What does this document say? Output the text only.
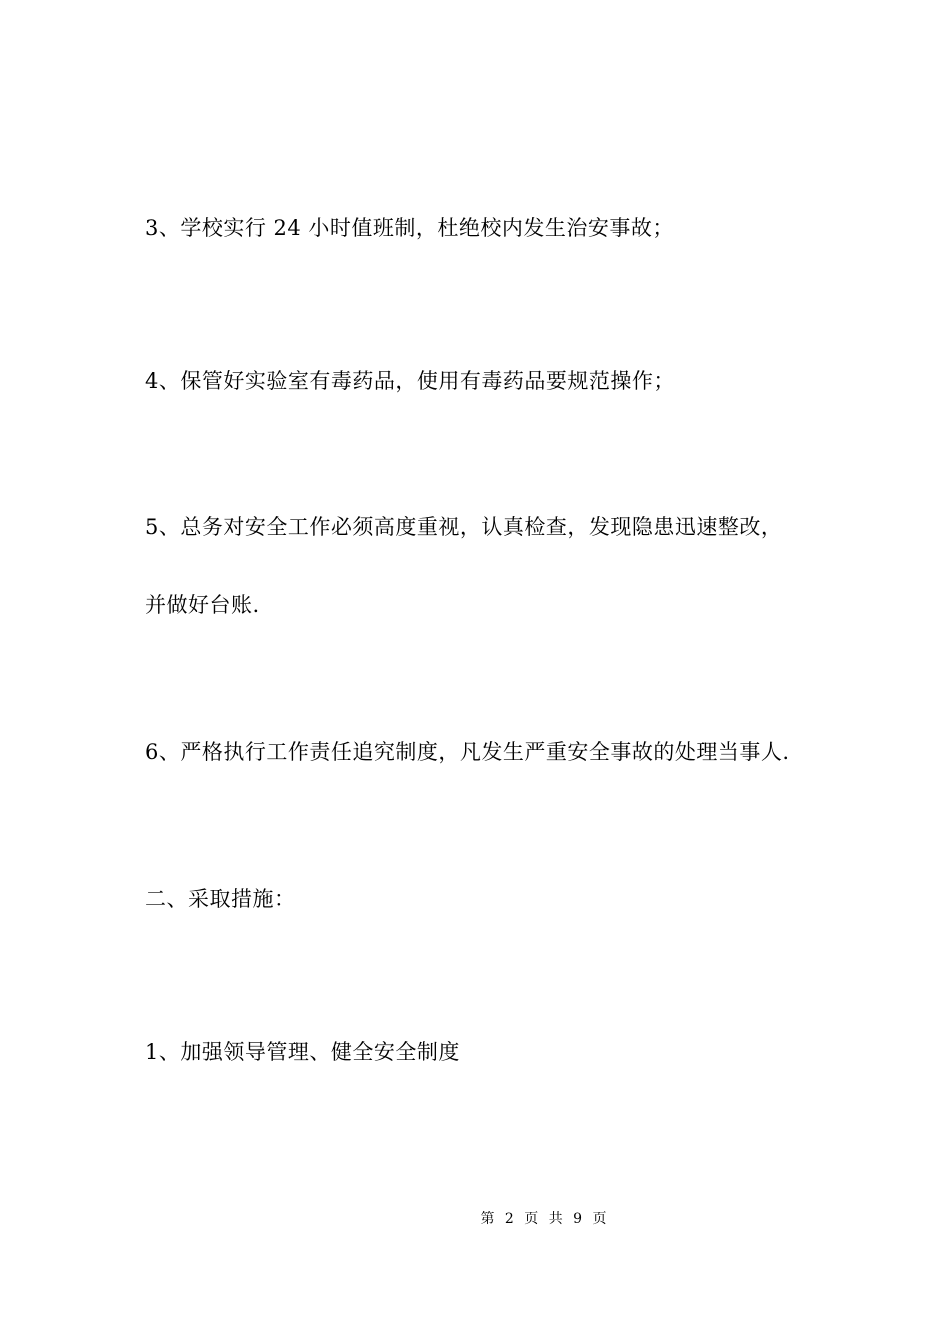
3、学校实行 24 小时值班制，杜绝校内发生治安事故；
4、保管好实验室有毒药品，使用有毒药品要规范操作；
5、总务对安全工作必须高度重视，认真检查，发现隐患迅速整改，
并做好台账.
6、严格执行工作责任追究制度，凡发生严重安全事故的处理当事人.
二、采取措施：
1、加强领导管理、健全安全制度
第 2 页 共 9 页
